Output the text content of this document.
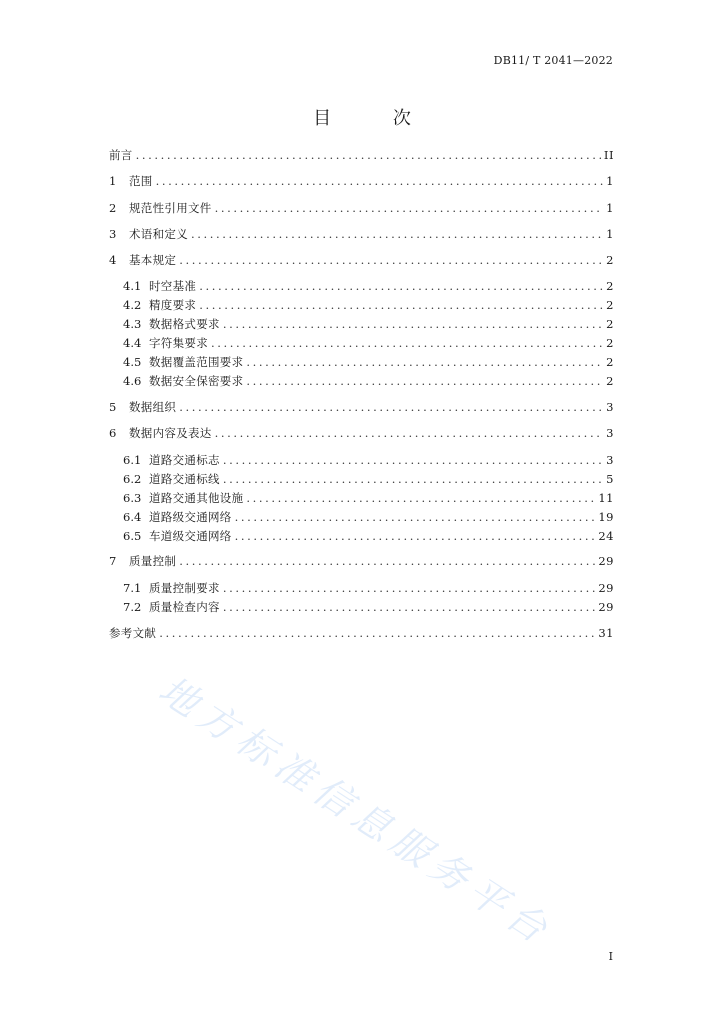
DB11/ T 2041—2022
目 次
前言 .....	II
1	范围 .....	1
2	规范性引用文件 .....	1
3	术语和定义 .....	1
4	基本规定 .....	2
4.1 时空基准 .....	2
4.2 精度要求 .....	2
4.3 数据格式要求 .....	2
4.4 字符集要求 .....	2
4.5 数据覆盖范围要求 .....	2
4.6 数据安全保密要求 .....	2
5	数据组织 .....	3
6	数据内容及表达 .....	3
6.1 道路交通标志 .....	3
6.2 道路交通标线 .....	5
6.3 道路交通其他设施 .....	11
6.4 道路级交通网络 .....	19
6.5 车道级交通网络 .....	24
7	质量控制 .....	29
7.1 质量控制要求 .....	29
7.2 质量检查内容 .....	29
参考文献 .....	31
地方标准信息服务平台
I
